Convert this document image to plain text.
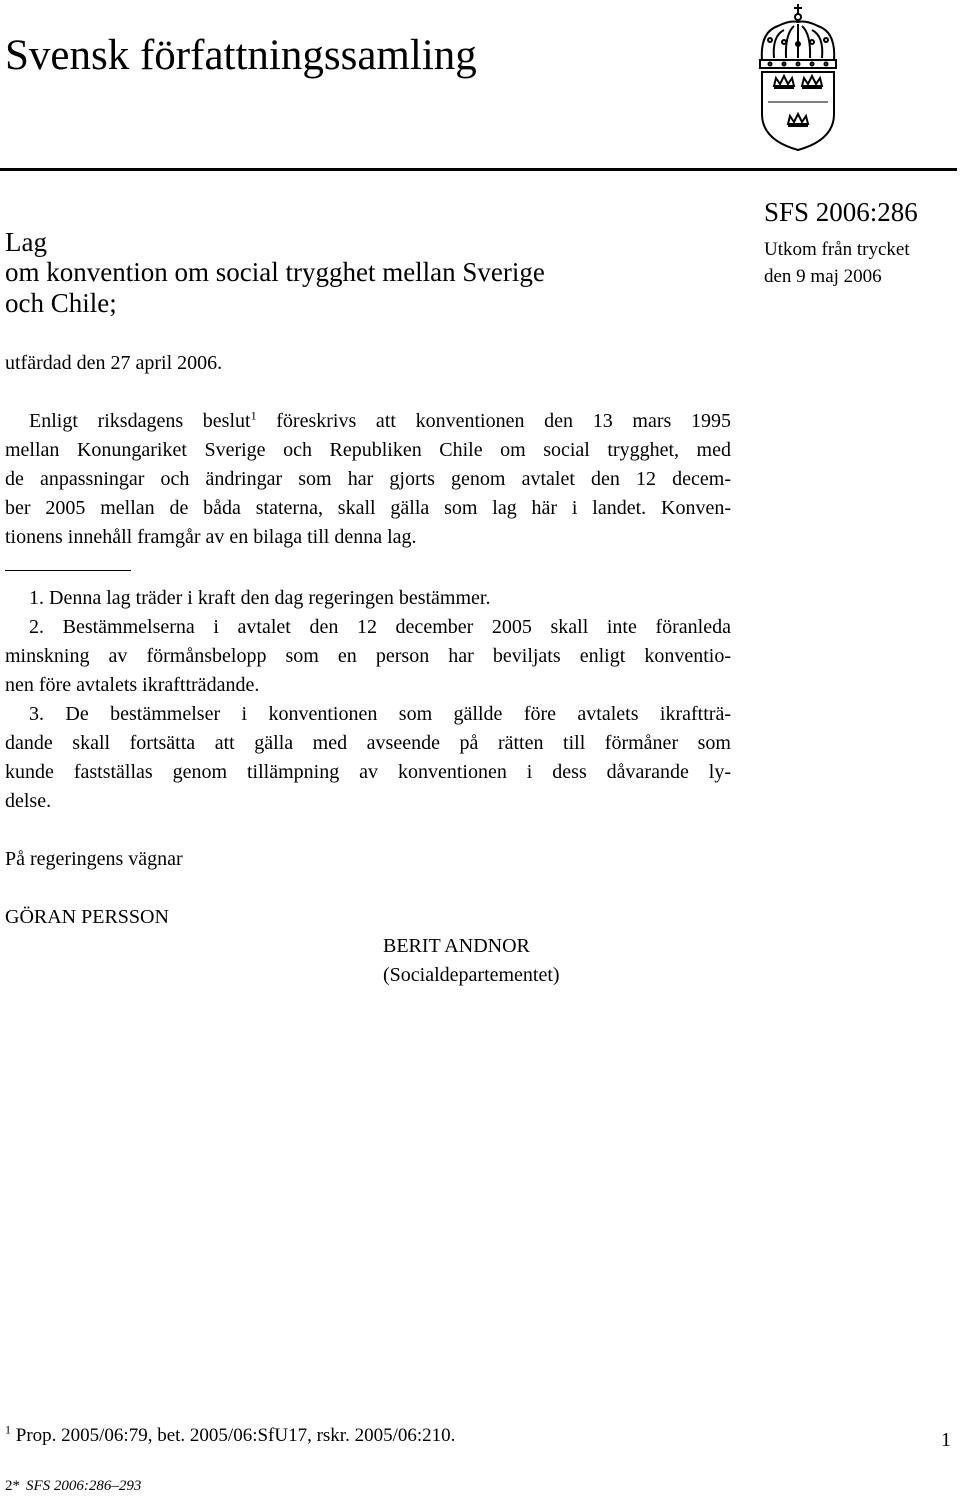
Svensk författningssamling
SFS 2006:286
Utkom från trycket
den 9 maj 2006
Lag
om konvention om social trygghet mellan Sverige
och Chile;
utfärdad den 27 april 2006.
Enligt riksdagens beslut$^1$ föreskrivs att konventionen den 13 mars 1995
mellan Konungariket Sverige och Republiken Chile om social trygghet, med
de anpassningar och ändringar som har gjorts genom avtalet den 12 decem-
ber 2005 mellan de båda staterna, skall gälla som lag här i landet. Konven-
tionens innehåll framgår av en bilaga till denna lag.
1. Denna lag träder i kraft den dag regeringen bestämmer.
2. Bestämmelserna i avtalet den 12 december 2005 skall inte föranleda
minskning av förmånsbelopp som en person har beviljats enligt konventio-
nen före avtalets ikraftträdande.
3. De bestämmelser i konventionen som gällde före avtalets ikraftträ-
dande skall fortsätta att gälla med avseende på rätten till förmåner som
kunde fastställas genom tillämpning av konventionen i dess dåvarande ly-
delse.
På regeringens vägnar
GÖRAN PERSSON
BERIT ANDNOR
(Socialdepartementet)
$^1$ Prop. 2005/06:79, bet. 2005/06:SfU17, rskr. 2005/06:210.	1
2* SFS 2006:286–293
